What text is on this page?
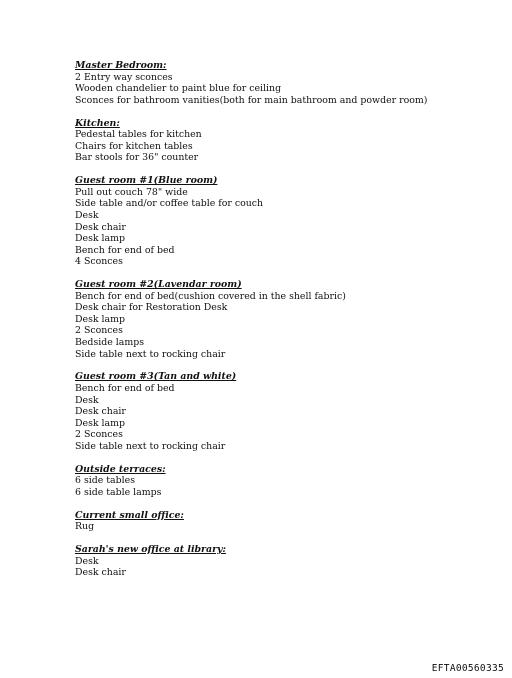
Master Bedroom:
2 Entry way sconces
Wooden chandelier to paint blue for ceiling
Sconces for bathroom vanities(both for main bathroom and powder room)
Kitchen:
Pedestal tables for kitchen
Chairs for kitchen tables
Bar stools for 36" counter
Guest room #1(Blue room)
Pull out couch 78" wide
Side table and/or coffee table for couch
Desk
Desk chair
Desk lamp
Bench for end of bed
4 Sconces
Guest room #2(Lavendar room)
Bench for end of bed(cushion covered in the shell fabric)
Desk chair for Restoration Desk
Desk lamp
2 Sconces
Bedside lamps
Side table next to rocking chair
Guest room #3(Tan and white)
Bench for end of bed
Desk
Desk chair
Desk lamp
2 Sconces
Side table next to rocking chair
Outside terraces:
6 side tables
6 side table lamps
Current small office:
Rug
Sarah's new office at library:
Desk
Desk chair
EFTA00560335
